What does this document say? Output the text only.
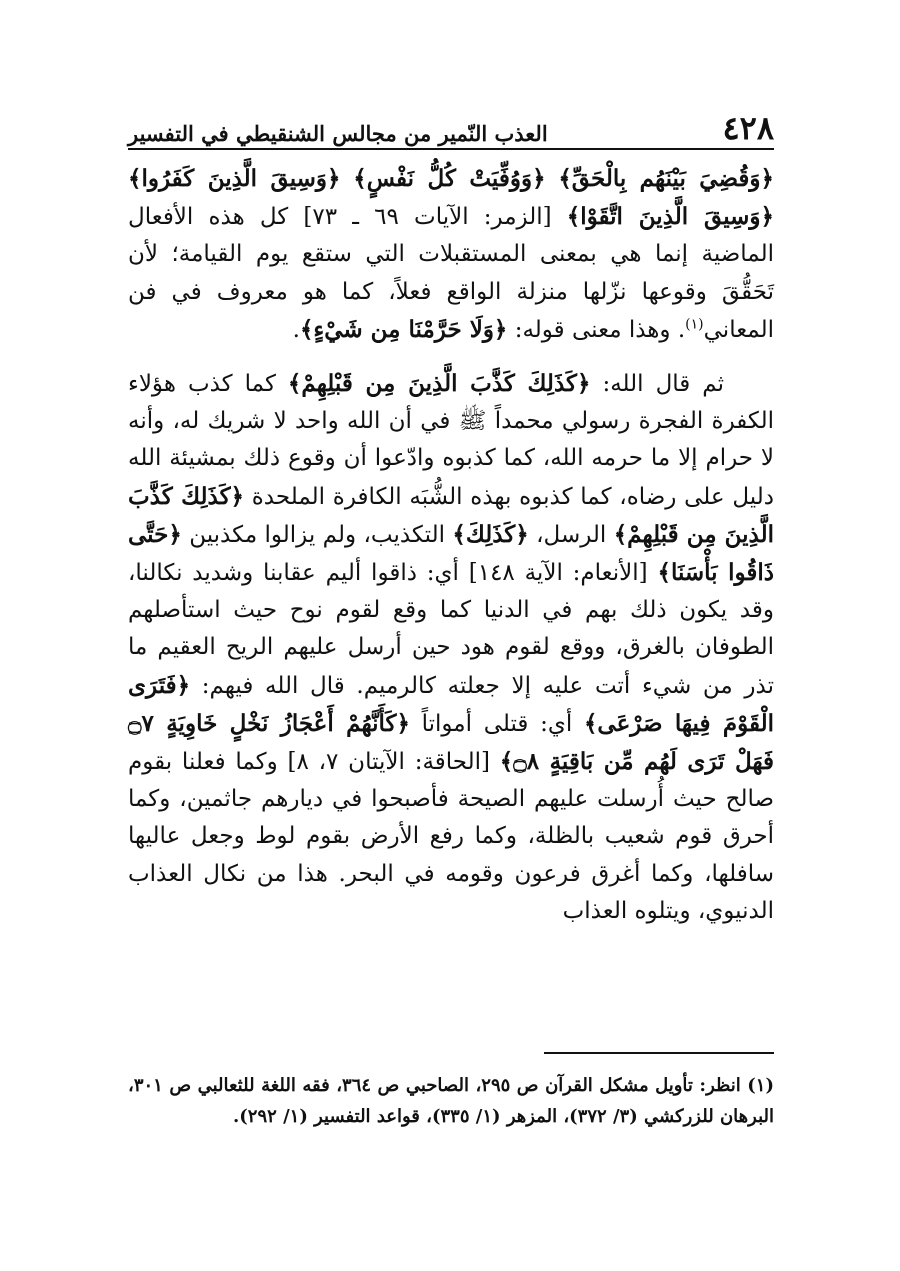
٤٢٨
العذب النّمير من مجالس الشنقيطي في التفسير

﴿وَقُضِيَ بَيْنَهُم بِالْحَقِّ﴾ ﴿وَوُفِّيَتْ كُلُّ نَفْسٍ﴾ ﴿وَسِيقَ الَّذِينَ كَفَرُوا﴾ ﴿وَسِيقَ الَّذِينَ اتَّقَوْا﴾ [الزمر: الآيات ٦٩ ـ ٧٣] كل هذه الأفعال الماضية إنما هي بمعنى المستقبلات التي ستقع يوم القيامة؛ لأن تَحَقُّقَ وقوعها نزّلها منزلة الواقع فعلاً، كما هو معروف في فن المعاني$^{(١)}$. وهذا معنى قوله: ﴿وَلَا حَرَّمْنَا مِن شَيْءٍ﴾.

ثم قال الله: ﴿كَذَلِكَ كَذَّبَ الَّذِينَ مِن قَبْلِهِمْ﴾ كما كذب هؤلاء الكفرة الفجرة رسولي محمداً ﷺ في أن الله واحد لا شريك له، وأنه لا حرام إلا ما حرمه الله، كما كذبوه وادّعوا أن وقوع ذلك بمشيئة الله دليل على رضاه، كما كذبوه بهذه الشُّبَه الكافرة الملحدة ﴿كَذَلِكَ كَذَّبَ الَّذِينَ مِن قَبْلِهِمْ﴾ الرسل، ﴿كَذَلِكَ﴾ التكذيب، ولم يزالوا مكذبين ﴿حَتَّى ذَاقُوا بَأْسَنَا﴾ [الأنعام: الآية ١٤٨] أي: ذاقوا أليم عقابنا وشديد نكالنا، وقد يكون ذلك بهم في الدنيا كما وقع لقوم نوح حيث استأصلهم الطوفان بالغرق، ووقع لقوم هود حين أرسل عليهم الريح العقيم ما تذر من شيء أتت عليه إلا جعلته كالرميم. قال الله فيهم: ﴿فَتَرَى الْقَوْمَ فِيهَا صَرْعَى﴾ أي: قتلى أمواتاً ﴿كَأَنَّهُمْ أَعْجَازُ نَخْلٍ خَاوِيَةٍ ۝٧ فَهَلْ تَرَى لَهُم مِّن بَاقِيَةٍ ۝٨﴾ [الحاقة: الآيتان ٧، ٨] وكما فعلنا بقوم صالح حيث أُرسلت عليهم الصيحة فأصبحوا في ديارهم جاثمين، وكما أحرق قوم شعيب بالظلة، وكما رفع الأرض بقوم لوط وجعل عاليها سافلها، وكما أغرق فرعون وقومه في البحر. هذا من نكال العذاب الدنيوي، ويتلوه العذاب

(١) انظر: تأويل مشكل القرآن ص ٢٩٥، الصاحبي ص ٣٦٤، فقه اللغة للثعالبي ص ٣٠١، البرهان للزركشي (٣/ ٣٧٢)، المزهر (١/ ٣٣٥)، قواعد التفسير (١/ ٢٩٢).
